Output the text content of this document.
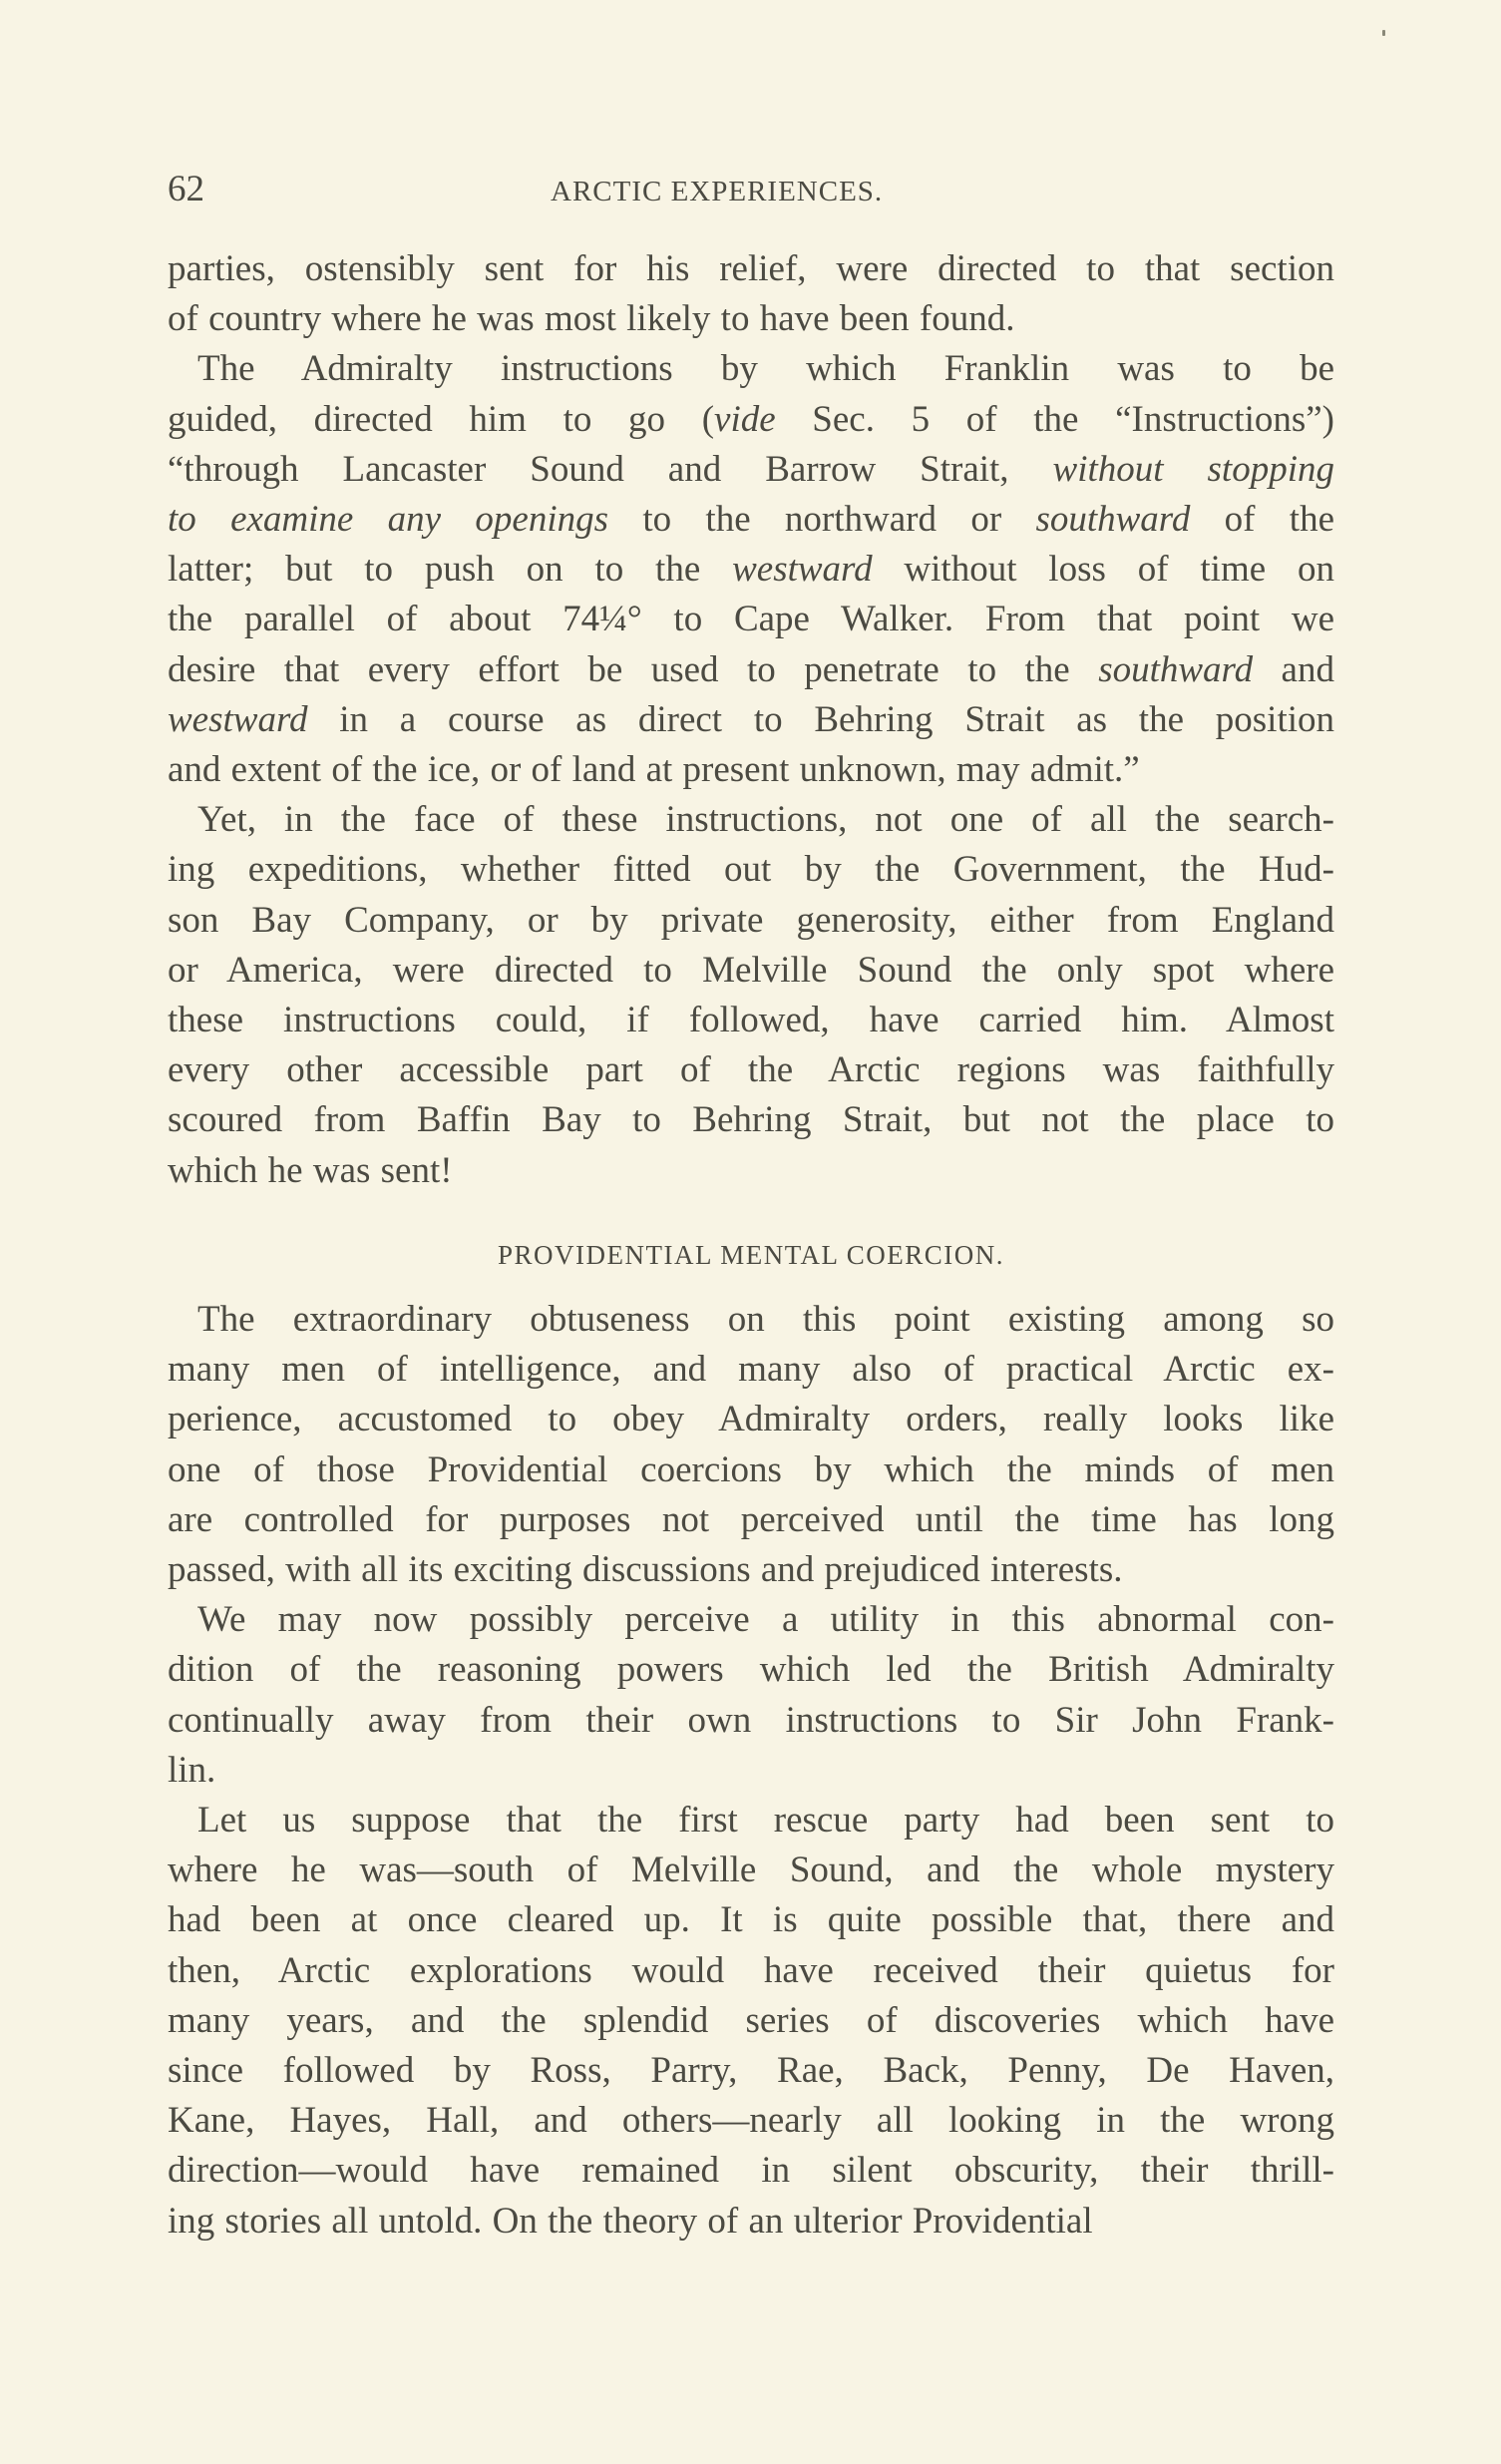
62	ARCTIC EXPERIENCES.
parties, ostensibly sent for his relief, were directed to that section
of country where he was most likely to have been found.
The Admiralty instructions by which Franklin was to be
guided, directed him to go (vide Sec. 5 of the “Instructions”)
“through Lancaster Sound and Barrow Strait, without stopping
to examine any openings to the northward or southward of the
latter; but to push on to the westward without loss of time on
the parallel of about 74¼° to Cape Walker. From that point we
desire that every effort be used to penetrate to the southward and
westward in a course as direct to Behring Strait as the position
and extent of the ice, or of land at present unknown, may admit.”
Yet, in the face of these instructions, not one of all the search-
ing expeditions, whether fitted out by the Government, the Hud-
son Bay Company, or by private generosity, either from England
or America, were directed to Melville Sound the only spot where
these instructions could, if followed, have carried him. Almost
every other accessible part of the Arctic regions was faithfully
scoured from Baffin Bay to Behring Strait, but not the place to
which he was sent!
The extraordinary obtuseness on this point existing among so
many men of intelligence, and many also of practical Arctic ex-
perience, accustomed to obey Admiralty orders, really looks like
one of those Providential coercions by which the minds of men
are controlled for purposes not perceived until the time has long
passed, with all its exciting discussions and prejudiced interests.
We may now possibly perceive a utility in this abnormal con-
dition of the reasoning powers which led the British Admiralty
continually away from their own instructions to Sir John Frank-
lin.
Let us suppose that the first rescue party had been sent to
where he was—south of Melville Sound, and the whole mystery
had been at once cleared up. It is quite possible that, there and
then, Arctic explorations would have received their quietus for
many years, and the splendid series of discoveries which have
since followed by Ross, Parry, Rae, Back, Penny, De Haven,
Kane, Hayes, Hall, and others—nearly all looking in the wrong
direction—would have remained in silent obscurity, their thrill-
ing stories all untold. On the theory of an ulterior Providential
PROVIDENTIAL MENTAL COERCION.
